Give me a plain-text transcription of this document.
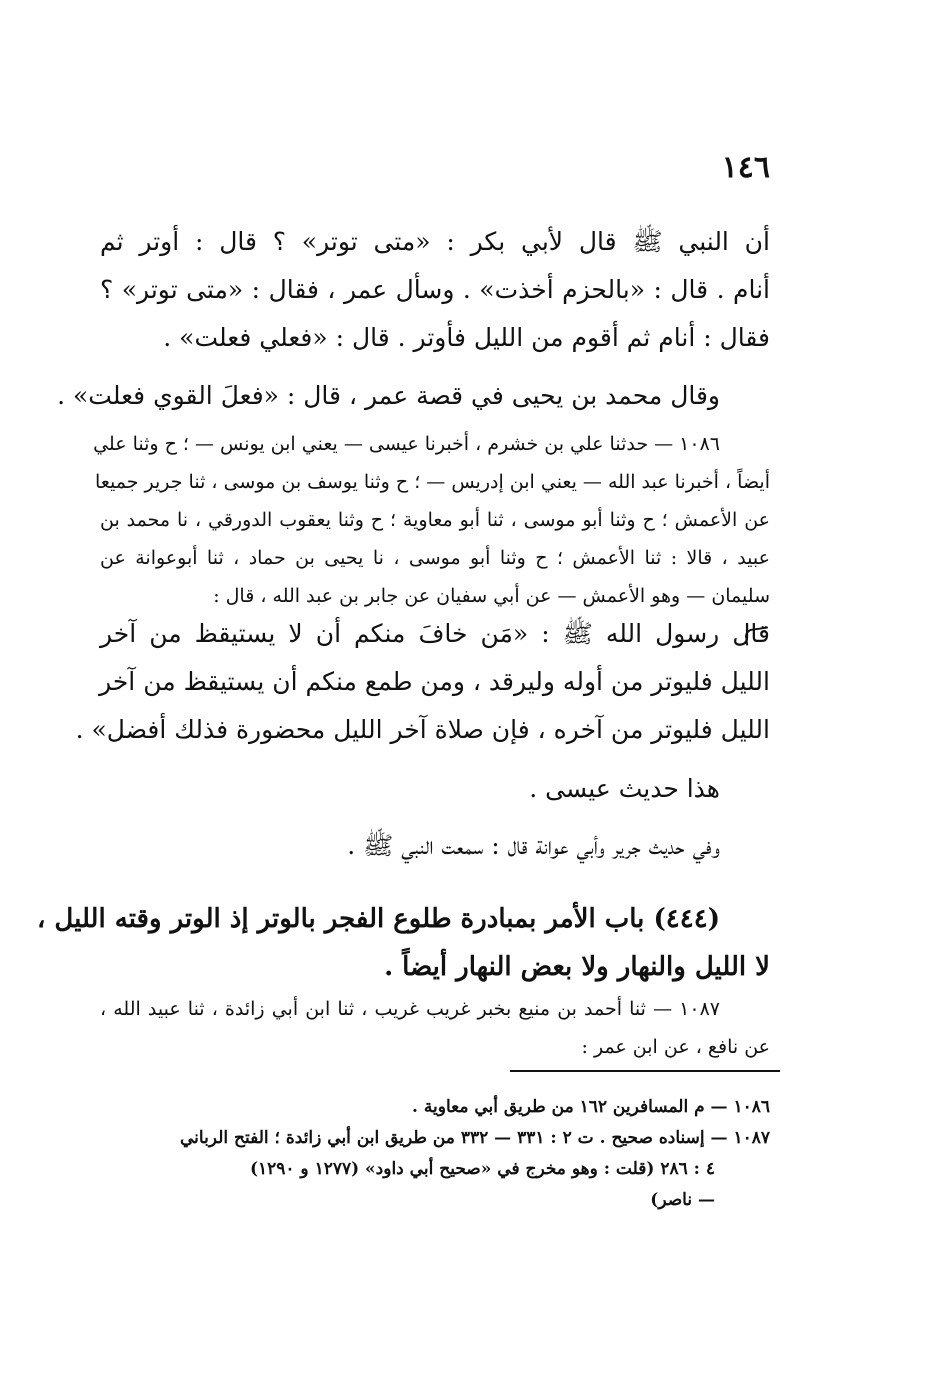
١٤٦
أن النبي ﷺ قال لأبي بكر : «متى توتر» ؟ قال : أوتر ثم
أنام . قال : «بالحزم أخذت» . وسأل عمر ، فقال : «متى توتر» ؟
فقال : أنام ثم أقوم من الليل فأوتر . قال : «فعلي فعلت» .
وقال محمد بن يحيى في قصة عمر ، قال : «فعلَ القوي فعلت» .
١٠٨٦ — حدثنا علي بن خشرم ، أخبرنا عيسى — يعني ابن يونس — ؛ ح وثنا علي
أيضاً ، أخبرنا عبد الله — يعني ابن إدريس — ؛ ح وثنا يوسف بن موسى ، ثنا جرير جميعا
عن الأعمش ؛ ح وثنا أبو موسى ، ثنا أبو معاوية ؛ ح وثنا يعقوب الدورقي ، نا محمد بن
عبيد ، قالا : ثنا الأعمش ؛ ح وثنا أبو موسى ، نا يحيى بن حماد ، ثنا أبوعوانة عن
سليمان — وهو الأعمش — عن أبي سفيان عن جابر بن عبد الله ، قال :
قال رسول الله ﷺ : «مَن خافَ منكم أن لا يستيقظ من آخر
الليل فليوتر من أوله وليرقد ، ومن طمع منكم أن يستيقظ من آخر
الليل فليوتر من آخره ، فإن صلاة آخر الليل محضورة فذلك أفضل» .
هذا حديث عيسى .
وفي حديث جرير وأبي عوانة قال : سمعت النبي ﷺ .
(٤٤٤) باب الأمر بمبادرة طلوع الفجر بالوتر إذ الوتر وقته الليل ،
لا الليل والنهار ولا بعض النهار أيضاً .
١٠٨٧ — ثنا أحمد بن منيع بخبر غريب غريب ، ثنا ابن أبي زائدة ، ثنا عبيد الله ،
عن نافع ، عن ابن عمر :
١٠٨٦ — م المسافرين ١٦٢ من طريق أبي معاوية .
١٠٨٧ — إسناده صحيح . ت ٢ : ٣٣١ — ٣٣٢ من طريق ابن أبي زائدة ؛ الفتح الرباني
٤ : ٢٨٦ (قلت : وهو مخرج في «صحيح أبي داود» (١٢٧٧ و ١٢٩٠)
— ناصر)
